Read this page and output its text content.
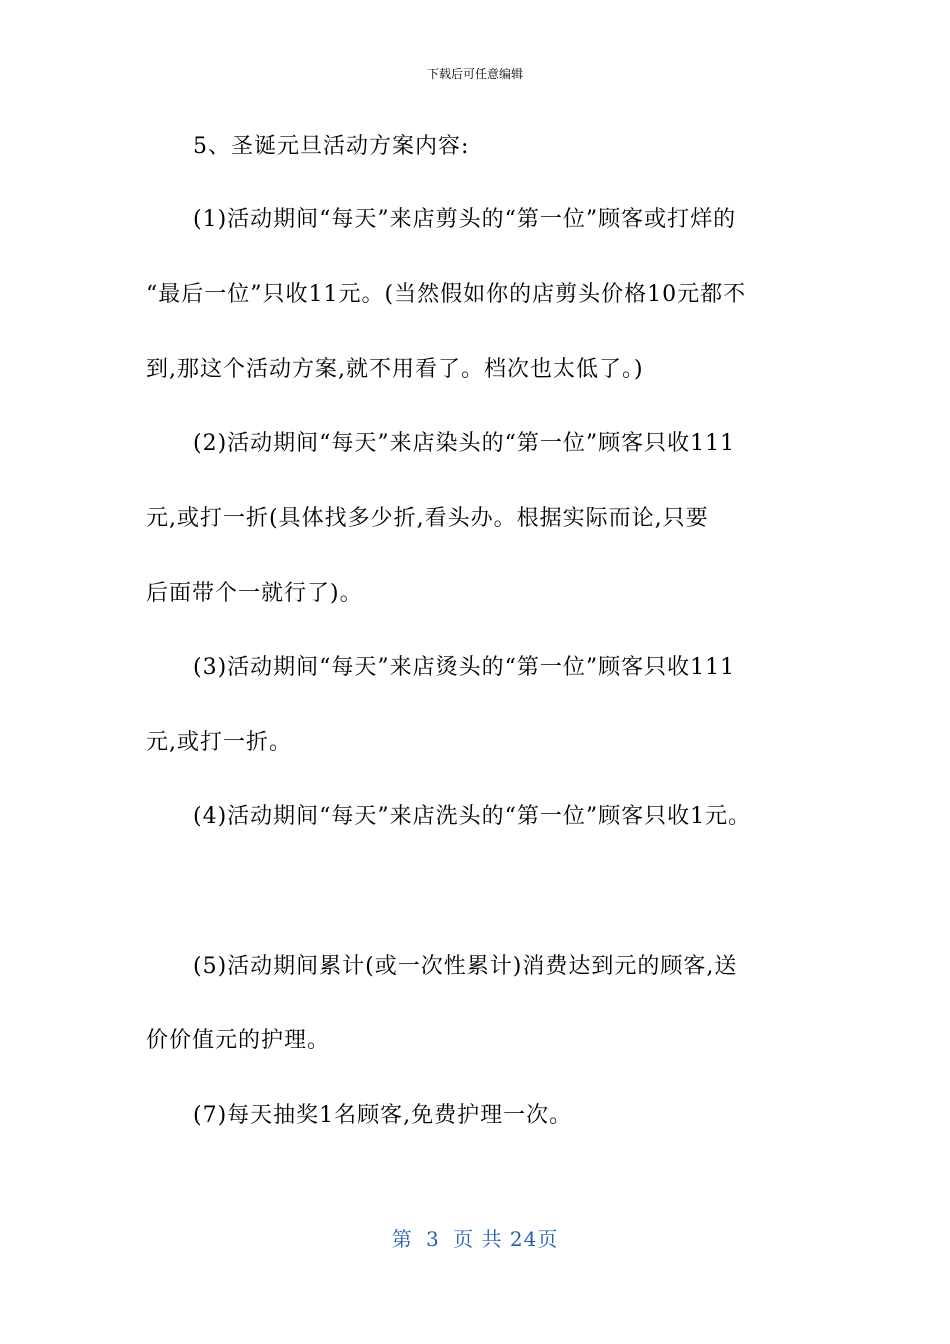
下载后可任意编辑
5、圣诞元旦活动方案内容:
(1)活动期间“每天”来店剪头的“第一位”顾客或打烊的
“最后一位”只收11元。(当然假如你的店剪头价格10元都不
到,那这个活动方案,就不用看了。档次也太低了。)
(2)活动期间“每天”来店染头的“第一位”顾客只收111
元,或打一折(具体找多少折,看头办。根据实际而论,只要
后面带个一就行了)。
(3)活动期间“每天”来店烫头的“第一位”顾客只收111
元,或打一折。
(4)活动期间“每天”来店洗头的“第一位”顾客只收1元。
(5)活动期间累计(或一次性累计)消费达到元的顾客,送
价价值元的护理。
(7)每天抽奖1名顾客,免费护理一次。
第 3 页 共 24页
